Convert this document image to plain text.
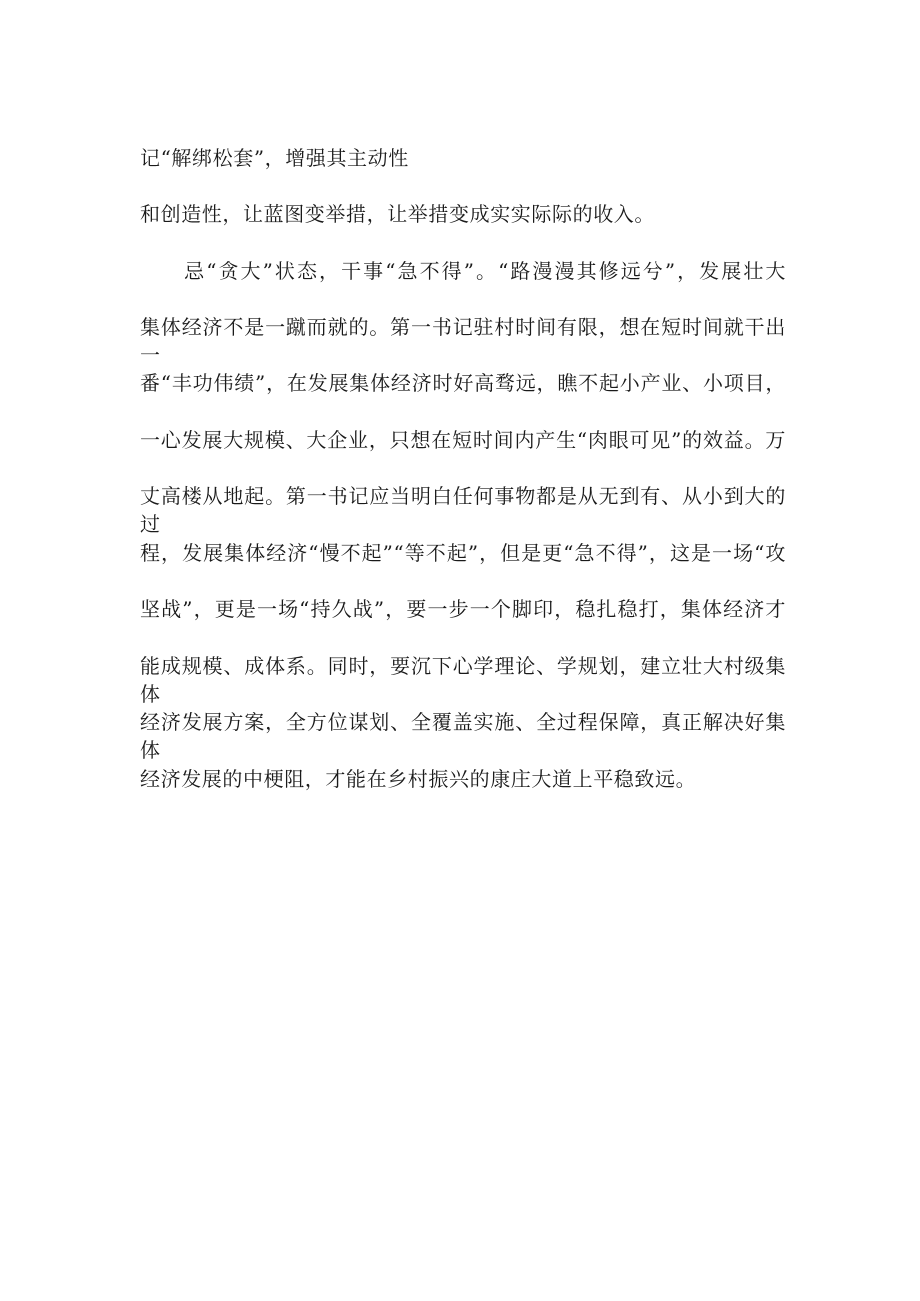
记“解绑松套”，增强其主动性
和创造性，让蓝图变举措，让举措变成实实际际的收入。
　　忌“贪大”状态，干事“急不得”。“路漫漫其修远兮”，发展壮大
集体经济不是一蹴而就的。第一书记驻村时间有限，想在短时间就干出一
番“丰功伟绩”，在发展集体经济时好高骛远，瞧不起小产业、小项目，
一心发展大规模、大企业，只想在短时间内产生“肉眼可见”的效益。万
丈高楼从地起。第一书记应当明白任何事物都是从无到有、从小到大的过
程，发展集体经济“慢不起”“等不起”，但是更“急不得”，这是一场“攻
坚战”，更是一场“持久战”，要一步一个脚印，稳扎稳打，集体经济才
能成规模、成体系。同时，要沉下心学理论、学规划，建立壮大村级集体
经济发展方案，全方位谋划、全覆盖实施、全过程保障，真正解决好集体
经济发展的中梗阻，才能在乡村振兴的康庄大道上平稳致远。
